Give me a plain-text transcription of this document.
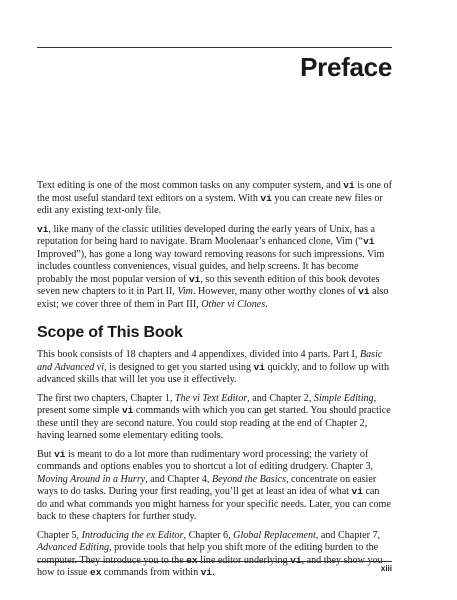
Preface

Text editing is one of the most common tasks on any computer system, and vi is one of the most useful standard text editors on a system. With vi you can create new files or edit any existing text-only file.

vi, like many of the classic utilities developed during the early years of Unix, has a reputation for being hard to navigate. Bram Moolenaar’s enhanced clone, Vim (“vi Improved”), has gone a long way toward removing reasons for such impressions. Vim includes countless conveniences, visual guides, and help screens. It has become probably the most popular version of vi, so this seventh edition of this book devotes seven new chapters to it in Part II, Vim. However, many other worthy clones of vi also exist; we cover three of them in Part III, Other vi Clones.

Scope of This Book

This book consists of 18 chapters and 4 appendixes, divided into 4 parts. Part I, Basic and Advanced vi, is designed to get you started using vi quickly, and to follow up with advanced skills that will let you use it effectively.

The first two chapters, Chapter 1, The vi Text Editor, and Chapter 2, Simple Editing, present some simple vi commands with which you can get started. You should practice these until they are second nature. You could stop reading at the end of Chapter 2, having learned some elementary editing tools.

But vi is meant to do a lot more than rudimentary word processing; the variety of commands and options enables you to shortcut a lot of editing drudgery. Chapter 3, Moving Around in a Hurry, and Chapter 4, Beyond the Basics, concentrate on easier ways to do tasks. During your first reading, you’ll get at least an idea of what vi can do and what commands you might harness for your specific needs. Later, you can come back to these chapters for further study.

Chapter 5, Introducing the ex Editor, Chapter 6, Global Replacement, and Chapter 7, Advanced Editing, provide tools that help you shift more of the editing burden to the computer. They introduce you to the ex line editor underlying vi, and they show you how to issue ex commands from within vi.	xiii
